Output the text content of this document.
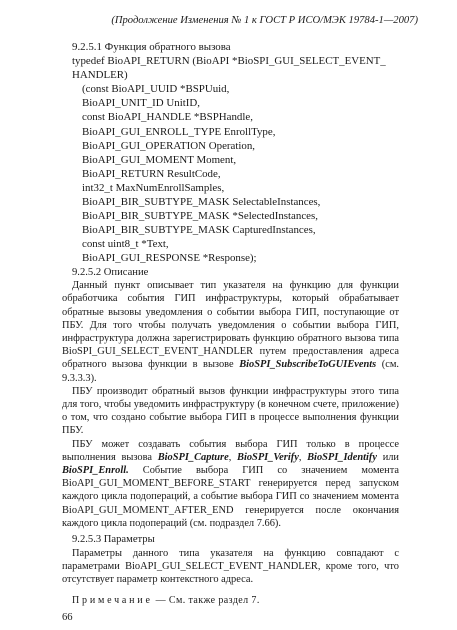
(Продолжение Изменения № 1 к ГОСТ Р ИСО/МЭК 19784-1—2007)
9.2.5.1 Функция обратного вызова
typedef BioAPI_RETURN (BioAPI *BioSPI_GUI_SELECT_EVENT_
HANDLER)
(const BioAPI_UUID *BSPUuid,
BioAPI_UNIT_ID UnitID,
const BioAPI_HANDLE *BSPHandle,
BioAPI_GUI_ENROLL_TYPE EnrollType,
BioAPI_GUI_OPERATION Operation,
BioAPI_GUI_MOMENT Moment,
BioAPI_RETURN ResultCode,
int32_t MaxNumEnrollSamples,
BioAPI_BIR_SUBTYPE_MASK SelectableInstances,
BioAPI_BIR_SUBTYPE_MASK *SelectedInstances,
BioAPI_BIR_SUBTYPE_MASK CapturedInstances,
const uint8_t *Text,
BioAPI_GUI_RESPONSE *Response);
9.2.5.2 Описание

Данный пункт описывает тип указателя на функцию для функции обработчика события ГИП инфраструктуры, который обрабатывает обратные вызовы уведомления о событии выбора ГИП, поступающие от ПБУ. Для того чтобы получать уведомления о событии выбора ГИП, инфраструктура должна зарегистрировать функцию обратного вызова типа BioSPI_GUI_SELECT_EVENT_HANDLER путем предоставления адреса обратного вызова функции в вызове BioSPI_SubscribeToGUIEvents (см. 9.3.3.3).

ПБУ производит обратный вызов функции инфраструктуры этого типа для того, чтобы уведомить инфраструктуру (в конечном счете, приложение) о том, что создано событие выбора ГИП в процессе выполнения функции ПБУ.

ПБУ может создавать события выбора ГИП только в процессе выполнения вызова BioSPI_Capture, BioSPI_Verify, BioSPI_Identify или BioSPI_Enroll. Событие выбора ГИП со значением момента BioAPI_GUI_MOMENT_BEFORE_START генерируется перед запуском каждого цикла подопераций, а событие выбора ГИП со значением момента BioAPI_GUI_MOMENT_AFTER_END генерируется после окончания каждого цикла подопераций (см. подраздел 7.66).

9.2.5.3 Параметры

Параметры данного типа указателя на функцию совпадают с параметрами BioAPI_GUI_SELECT_EVENT_HANDLER, кроме того, что отсутствует параметр контекстного адреса.

Примечание — См. также раздел 7.
66
